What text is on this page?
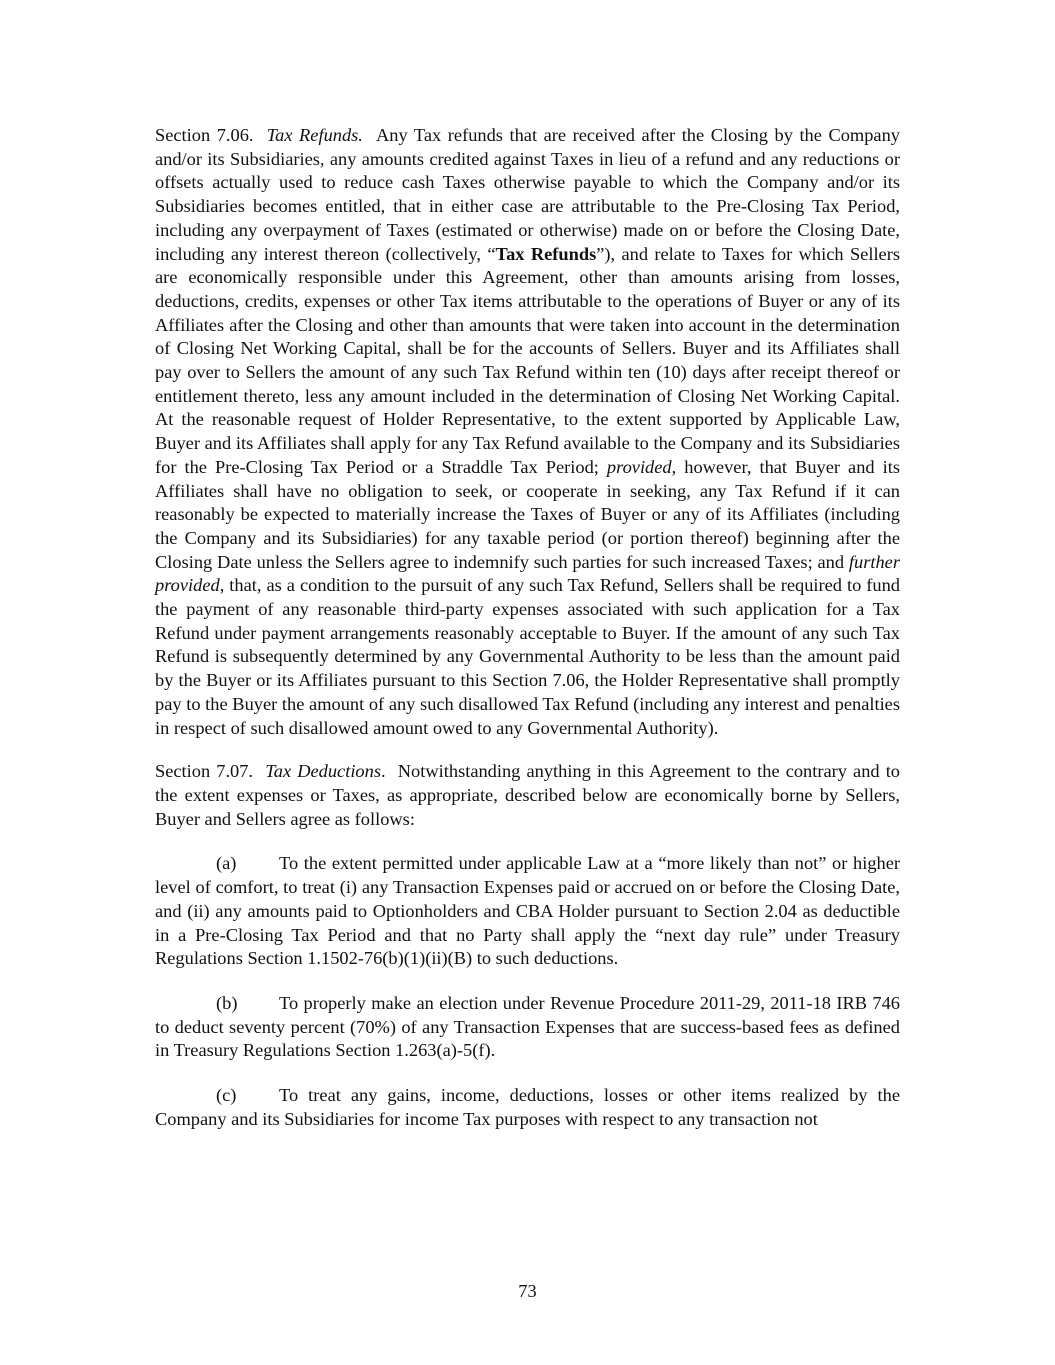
Section 7.06. Tax Refunds. Any Tax refunds that are received after the Closing by the Company and/or its Subsidiaries, any amounts credited against Taxes in lieu of a refund and any reductions or offsets actually used to reduce cash Taxes otherwise payable to which the Company and/or its Subsidiaries becomes entitled, that in either case are attributable to the Pre-Closing Tax Period, including any overpayment of Taxes (estimated or otherwise) made on or before the Closing Date, including any interest thereon (collectively, “Tax Refunds”), and relate to Taxes for which Sellers are economically responsible under this Agreement, other than amounts arising from losses, deductions, credits, expenses or other Tax items attributable to the operations of Buyer or any of its Affiliates after the Closing and other than amounts that were taken into account in the determination of Closing Net Working Capital, shall be for the accounts of Sellers. Buyer and its Affiliates shall pay over to Sellers the amount of any such Tax Refund within ten (10) days after receipt thereof or entitlement thereto, less any amount included in the determination of Closing Net Working Capital. At the reasonable request of Holder Representative, to the extent supported by Applicable Law, Buyer and its Affiliates shall apply for any Tax Refund available to the Company and its Subsidiaries for the Pre-Closing Tax Period or a Straddle Tax Period; provided, however, that Buyer and its Affiliates shall have no obligation to seek, or cooperate in seeking, any Tax Refund if it can reasonably be expected to materially increase the Taxes of Buyer or any of its Affiliates (including the Company and its Subsidiaries) for any taxable period (or portion thereof) beginning after the Closing Date unless the Sellers agree to indemnify such parties for such increased Taxes; and further provided, that, as a condition to the pursuit of any such Tax Refund, Sellers shall be required to fund the payment of any reasonable third-party expenses associated with such application for a Tax Refund under payment arrangements reasonably acceptable to Buyer. If the amount of any such Tax Refund is subsequently determined by any Governmental Authority to be less than the amount paid by the Buyer or its Affiliates pursuant to this Section 7.06, the Holder Representative shall promptly pay to the Buyer the amount of any such disallowed Tax Refund (including any interest and penalties in respect of such disallowed amount owed to any Governmental Authority).

Section 7.07. Tax Deductions. Notwithstanding anything in this Agreement to the contrary and to the extent expenses or Taxes, as appropriate, described below are economically borne by Sellers, Buyer and Sellers agree as follows:

(a) To the extent permitted under applicable Law at a “more likely than not” or higher level of comfort, to treat (i) any Transaction Expenses paid or accrued on or before the Closing Date, and (ii) any amounts paid to Optionholders and CBA Holder pursuant to Section 2.04 as deductible in a Pre-Closing Tax Period and that no Party shall apply the “next day rule” under Treasury Regulations Section 1.1502-76(b)(1)(ii)(B) to such deductions.

(b) To properly make an election under Revenue Procedure 2011-29, 2011-18 IRB 746 to deduct seventy percent (70%) of any Transaction Expenses that are success-based fees as defined in Treasury Regulations Section 1.263(a)-5(f).

(c) To treat any gains, income, deductions, losses or other items realized by the Company and its Subsidiaries for income Tax purposes with respect to any transaction not

73
